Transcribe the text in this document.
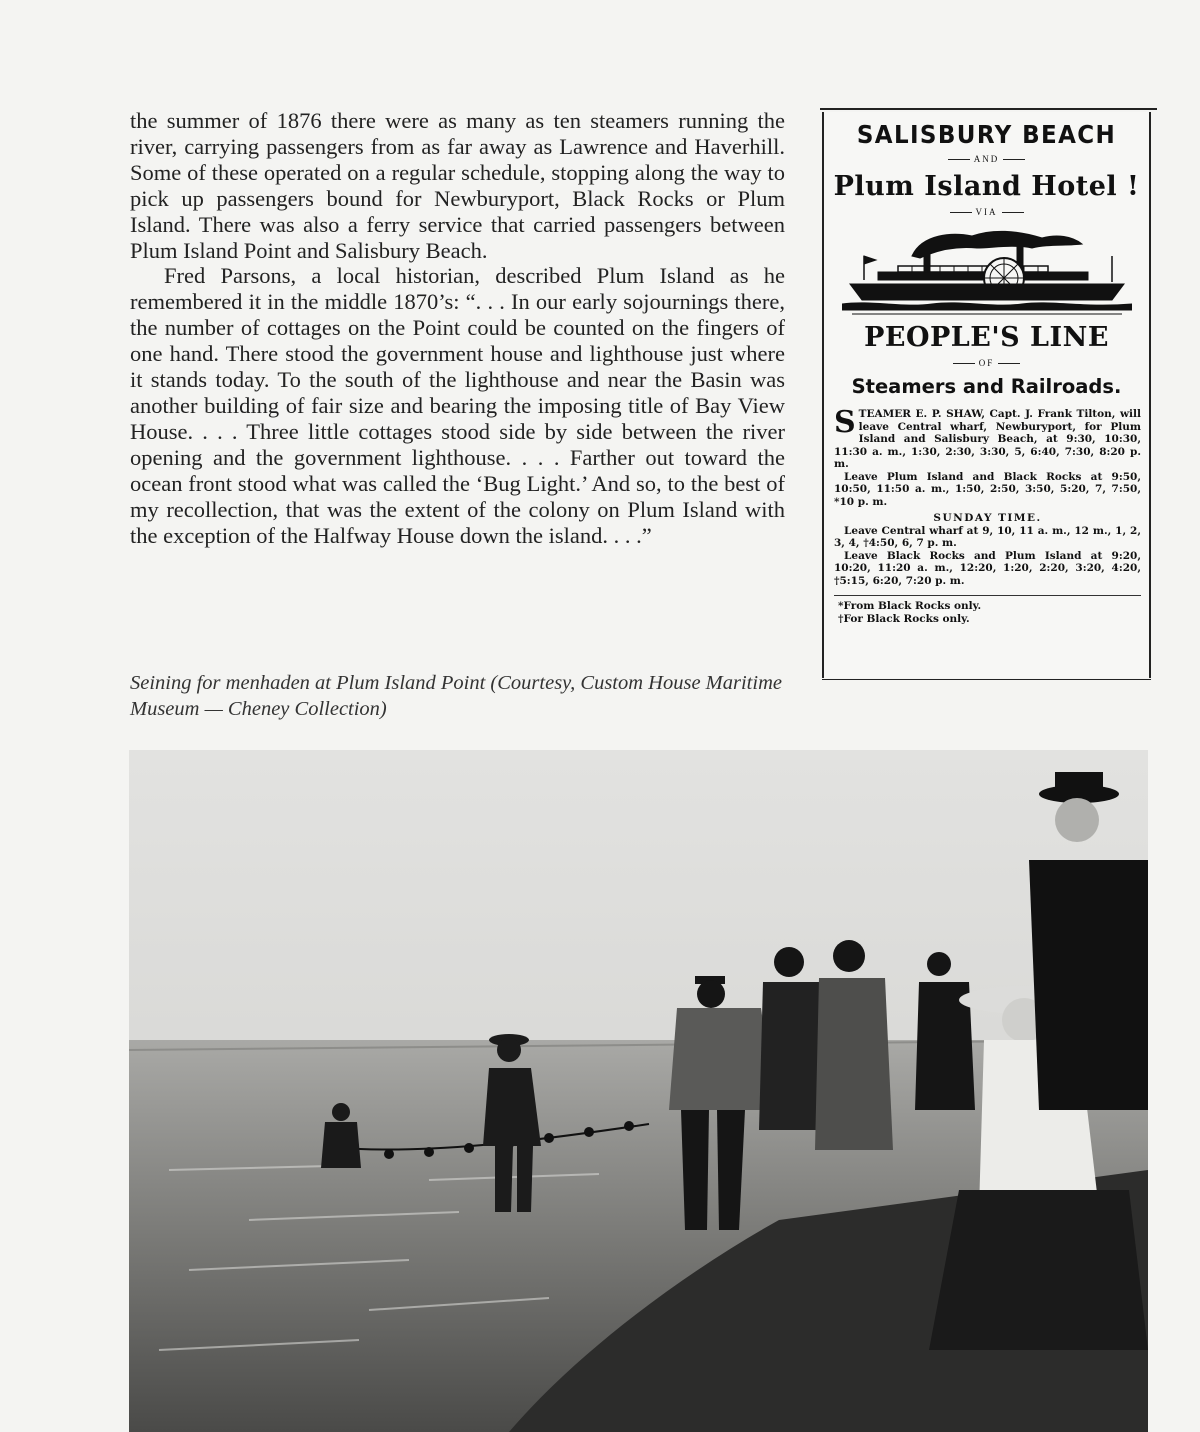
the summer of 1876 there were as many as ten steamers running the river, carrying passengers from as far away as Lawrence and Haverhill. Some of these operated on a regular schedule, stopping along the way to pick up passengers bound for Newburyport, Black Rocks or Plum Island. There was also a ferry service that carried passengers between Plum Island Point and Salisbury Beach.

Fred Parsons, a local historian, described Plum Island as he remembered it in the middle 1870’s: “. . . In our early sojournings there, the number of cottages on the Point could be counted on the fingers of one hand. There stood the government house and lighthouse just where it stands today. To the south of the lighthouse and near the Basin was another building of fair size and bearing the imposing title of Bay View House. . . . Three little cottages stood side by side between the river opening and the government lighthouse. . . . Farther out toward the ocean front stood what was called the ‘Bug Light.’ And so, to the best of my recollection, that was the extent of the colony on Plum Island with the exception of the Halfway House down the island. . . .”

SALISBURY BEACH
AND
Plum Island Hotel !
VIA
PEOPLE'S LINE
OF
Steamers and Railroads.

STEAMER E. P. SHAW, Capt. J. Frank Tilton, will leave Central wharf, Newburyport, for Plum Island and Salisbury Beach, at 9:30, 10:30, 11:30 a. m., 1:30, 2:30, 3:30, 5, 6:40, 7:30, 8:20 p. m.

Leave Plum Island and Black Rocks at 9:50, 10:50, 11:50 a. m., 1:50, 2:50, 3:50, 5:20, 7, 7:50, *10 p. m.

SUNDAY TIME.

Leave Central wharf at 9, 10, 11 a. m., 12 m., 1, 2, 3, 4, †4:50, 6, 7 p. m.

Leave Black Rocks and Plum Island at 9:20, 10:20, 11:20 a. m., 12:20, 1:20, 2:20, 3:20, 4:20, †5:15, 6:20, 7:20 p. m.

*From Black Rocks only.

†For Black Rocks only.

Seining for menhaden at Plum Island Point (Courtesy, Custom House Maritime Museum — Cheney Collection)
